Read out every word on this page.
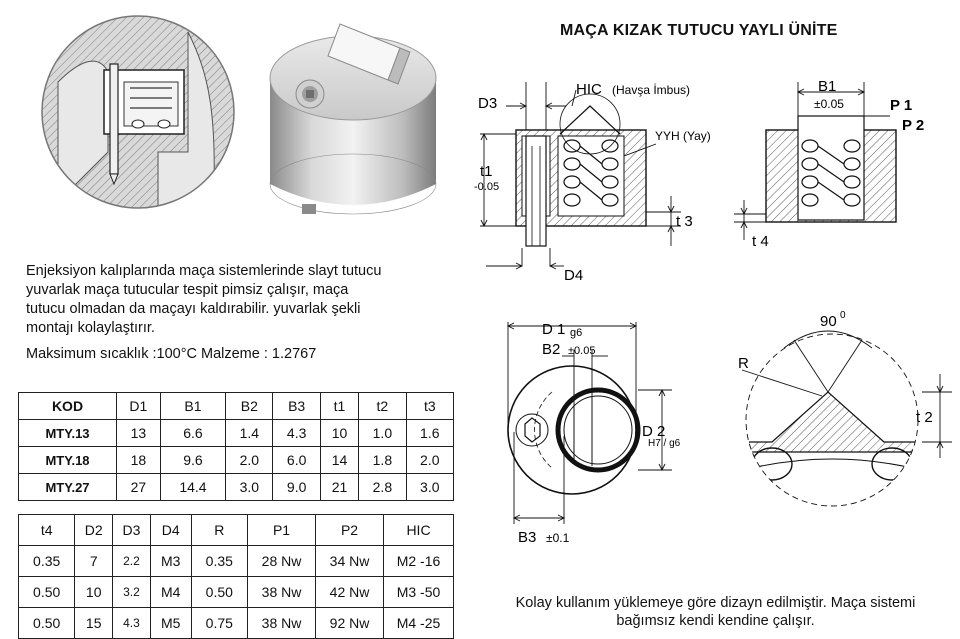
MAÇA KIZAK TUTUCU YAYLI ÜNİTE
D3
HIC (Havşa İmbus)
YYH (Yay)
t1
-0.05
t 3
D4
B1
±0.05	P 1
P 2
t 4
D 1 g6
B2 ±0.05
D 2
H7 / g6
B3 ±0.1
90 0
R
t 2
Enjeksiyon kalıplarında maça sistemlerinde slayt tutucu
yuvarlak maça tutucular tespit pimsiz çalışır, maça
tutucu olmadan da maçayı kaldırabilir. yuvarlak şekli
montajı kolaylaştırır.
Maksimum sıcaklık :100°C Malzeme : 1.2767
KOD	D1	B1	B2	B3	t1	t2	t3
MTY.13	13	6.6	1.4	4.3	10	1.0	1.6
MTY.18	18	9.6	2.0	6.0	14	1.8	2.0
MTY.27	27	14.4	3.0	9.0	21	2.8	3.0
t4	D2	D3	D4	R	P1	P2	HIC
0.35	7	2.2	M3	0.35	28 Nw	34 Nw	M2 -16
0.50	10	3.2	M4	0.50	38 Nw	42 Nw	M3 -50
0.50	15	4.3	M5	0.75	38 Nw	92 Nw	M4 -25
Kolay kullanım yüklemeye göre dizayn edilmiştir. Maça sistemi
bağımsız kendi kendine çalışır.
